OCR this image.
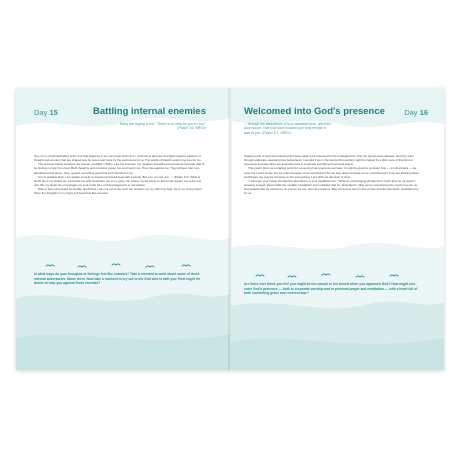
Day 15	Battling internal enemies
Many are saying to me, "There is no help for you in God." (Psalm 3:2, NRSV)

One of my continual battles is the one that happens in my own heart and mind. I continue to discover and fight negative patterns of thought and emotion that are shaped less by Jesus and more by the world around me. The words of David's psalm ring true for me.

The enemies David mentions are human, probably military. Like his enemies, my negative thoughts and emotions insinuate that I'll be finding no help from God. Both thoughts and emotions pester me and hound me. They rise against me. They whisper that I am abandoned and alone. They oppose everything good that God intends for me.

So I'm grateful when I am awake enough to respond as David does with a hearty "But you, O Lord, are ..." (Psalm 3:3). What is God? He is my shield; He surrounds me with protection. He is my glory; He makes my life shine so that it has impact. He is the one who lifts my head; He encourages my soul in the face of discouragement or accusation.

When I feel surrounded by trouble, like David, I can cry out to the Lord. He answers my cry with holy help. He is my strong friend when the thoughts in my heart and head feel like enemies.

In what ways do your thoughts or feelings feel like enemies? Take a moment to write about some of those internal adversaries. Name them. Now take a moment to cry out to the God who is with you. How might He desire to help you against these enemies?
Day 16
Welcomed into God's presence
... through the abundance of your steadfast love, will enter your house; I will bow down toward your holy temple in awe of you. (Psalm 5:7, NRSV)

Drawing near to God and entering His house used to be reserved for the privileged few. Only the priests were allowed, and they went through elaborate cleansing rites beforehand. I wonder if we in the twenty-first century might be helped by a little more of that kind of reverence and awe when we approach God in corporate worship and personal prayer.

This psalm gives us a starting point for recovering that reverence and awe. It might be good to consider how — on what basis — we enter the Lord's house. Do we enter because of our worthiness? Do we stay away because of our unworthiness? If we are thinking about worthiness, we may be focusing on the wrong thing. Let's shift our attention to God.

"I will enter your house through the abundance of your steadfast love." What an encouraging phrase! As if God's love for us weren't amazing enough, David adds the modifier "steadfast" and multiplies that by "abundance". May we be overwhelmed by God's love for us and grateful that He welcomes us, just as we are, into His presence. May we bow to God in awe of Him and His abundant, steadfast love for us.

Are there ever times you feel you might be too casual or too formal when you approach God? How might you enter God's presence — both in corporate worship and in personal prayer and meditation — with a heart full of both comforting grace and reverent awe?
